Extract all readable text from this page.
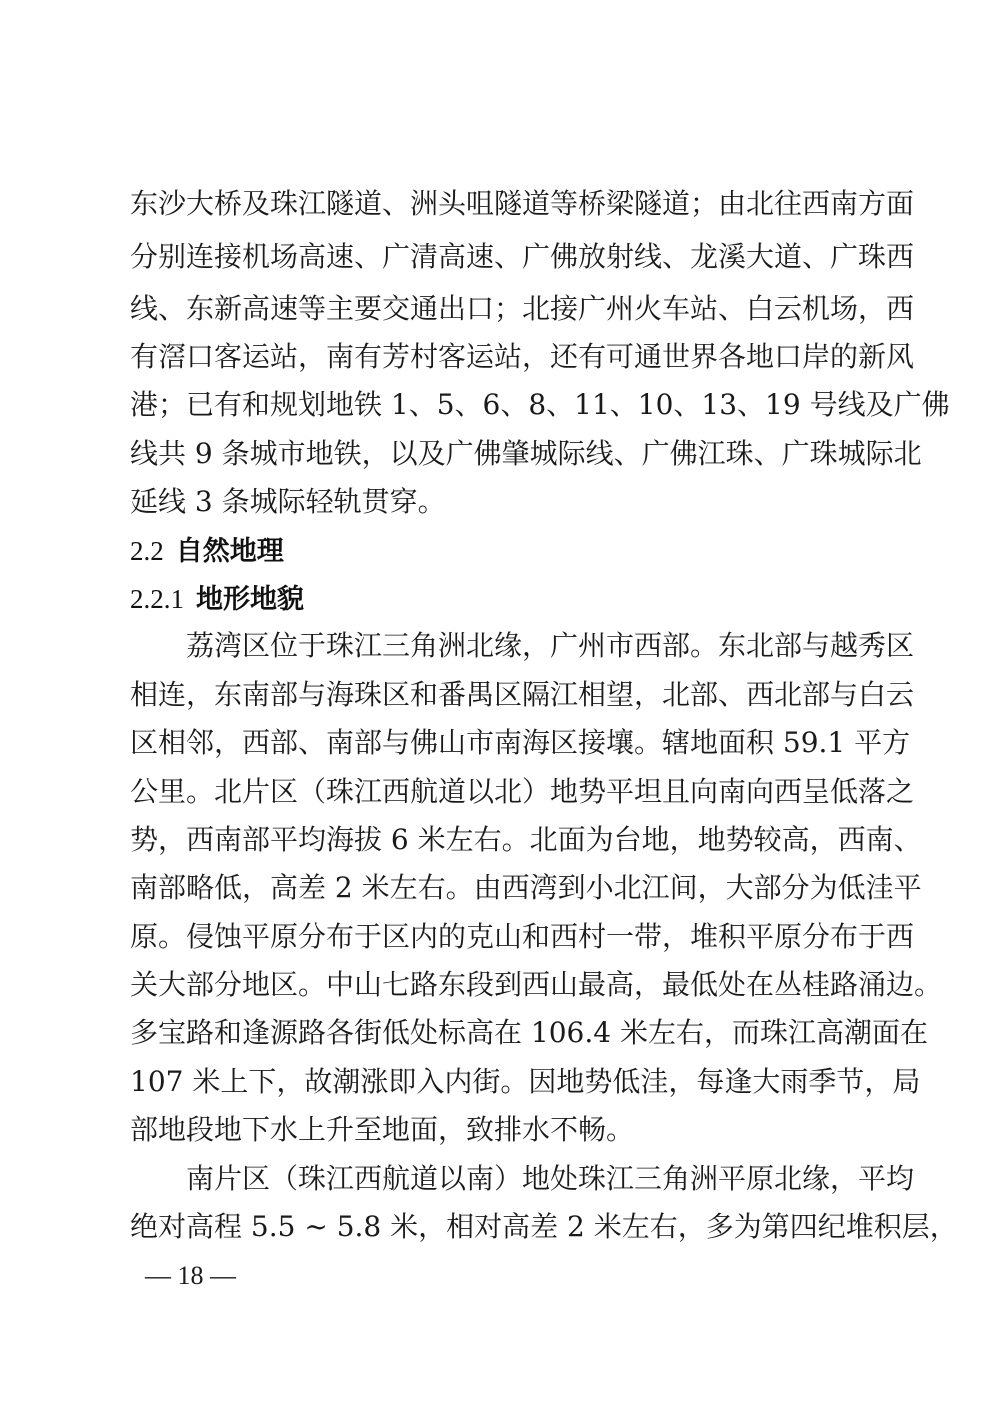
东沙大桥及珠江隧道、洲头咀隧道等桥梁隧道；由北往西南方面
分别连接机场高速、广清高速、广佛放射线、龙溪大道、广珠西
线、东新高速等主要交通出口；北接广州火车站、白云机场，西
有滘口客运站，南有芳村客运站，还有可通世界各地口岸的新风
港；已有和规划地铁 1、5、6、8、11、10、13、19 号线及广佛
线共 9 条城市地铁，以及广佛肇城际线、广佛江珠、广珠城际北
延线 3 条城际轻轨贯穿。
2.2 自然地理
2.2.1 地形地貌
荔湾区位于珠江三角洲北缘，广州市西部。东北部与越秀区
相连，东南部与海珠区和番禺区隔江相望，北部、西北部与白云
区相邻，西部、南部与佛山市南海区接壤。辖地面积 59.1 平方
公里。北片区（珠江西航道以北）地势平坦且向南向西呈低落之
势，西南部平均海拔 6 米左右。北面为台地，地势较高，西南、
南部略低，高差 2 米左右。由西湾到小北江间，大部分为低洼平
原。侵蚀平原分布于区内的克山和西村一带，堆积平原分布于西
关大部分地区。中山七路东段到西山最高，最低处在丛桂路涌边。
多宝路和逢源路各街低处标高在 106.4 米左右，而珠江高潮面在
107 米上下，故潮涨即入内街。因地势低洼，每逢大雨季节，局
部地段地下水上升至地面，致排水不畅。
南片区（珠江西航道以南）地处珠江三角洲平原北缘，平均
绝对高程 5.5 ~ 5.8 米，相对高差 2 米左右，多为第四纪堆积层，
— 18 —
